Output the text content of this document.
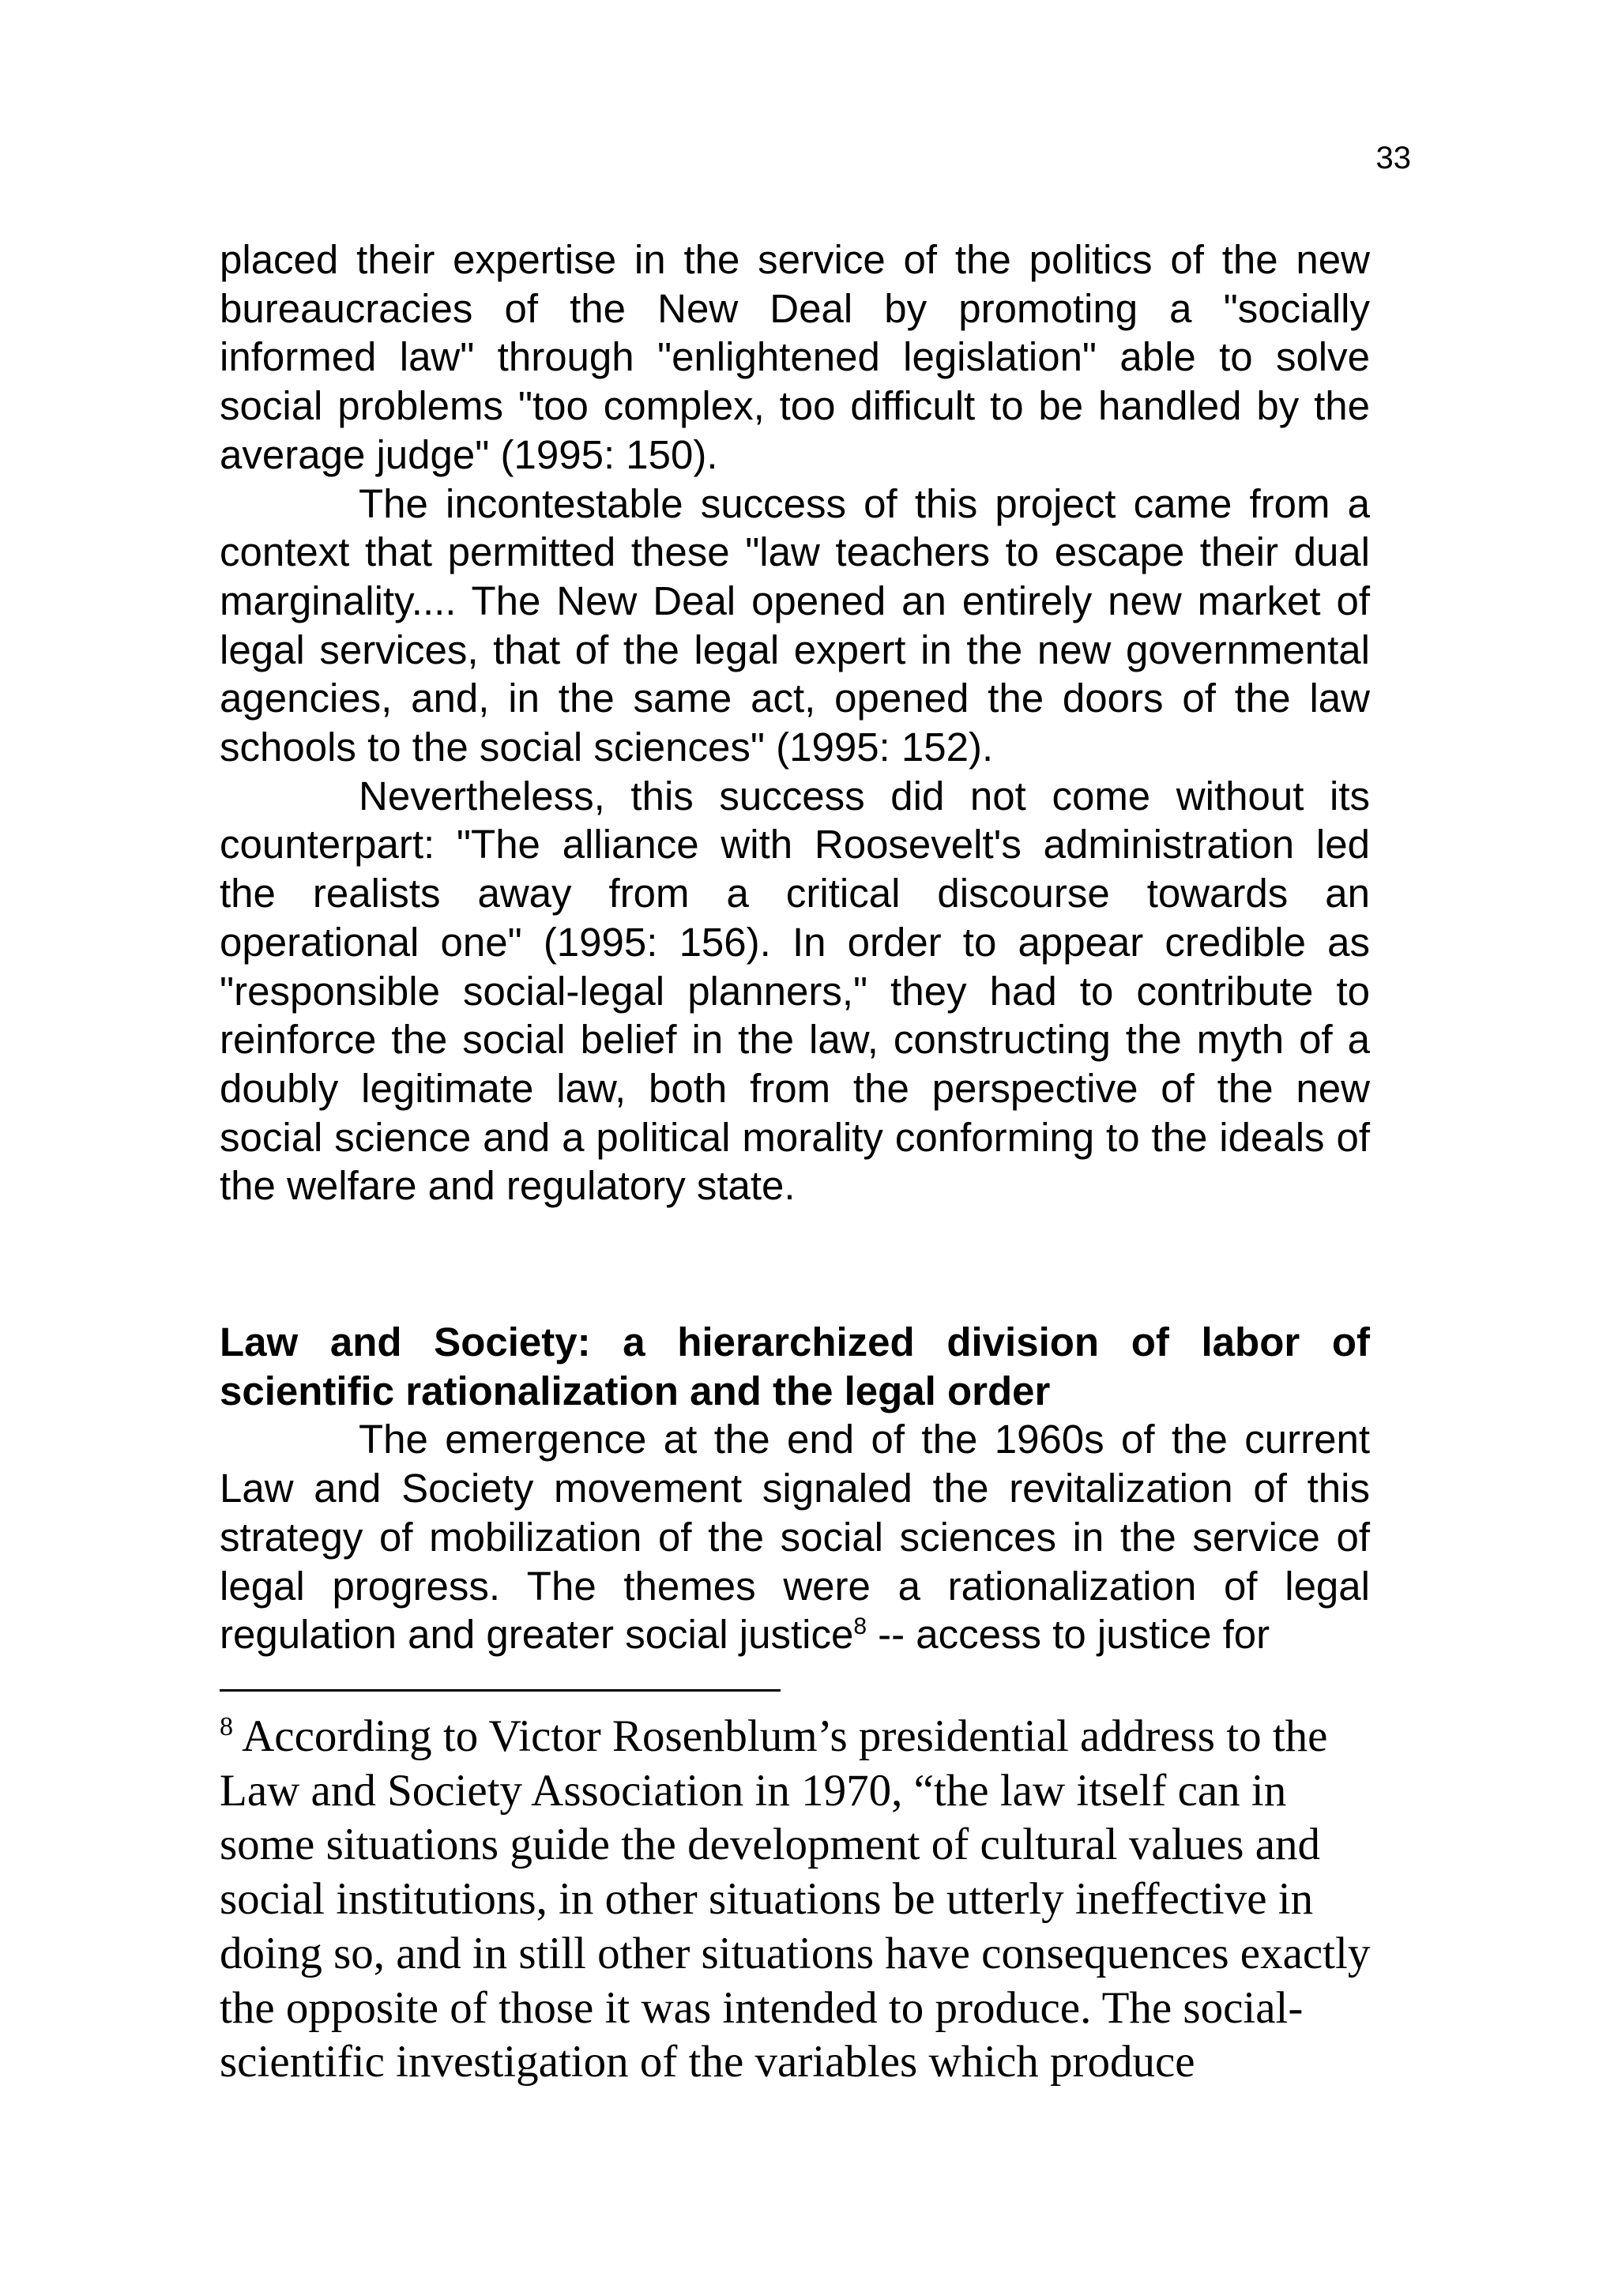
33

placed their expertise in the service of the politics of the new bureaucracies of the New Deal by promoting a "socially informed law" through "enlightened legislation" able to solve social problems "too complex, too difficult to be handled by the average judge" (1995: 150).

The incontestable success of this project came from a context that permitted these "law teachers to escape their dual marginality.... The New Deal opened an entirely new market of legal services, that of the legal expert in the new governmental agencies, and, in the same act, opened the doors of the law schools to the social sciences" (1995: 152).

Nevertheless, this success did not come without its counterpart: "The alliance with Roosevelt's administration led the realists away from a critical discourse towards an operational one" (1995: 156). In order to appear credible as "responsible social-legal planners," they had to contribute to reinforce the social belief in the law, constructing the myth of a doubly legitimate law, both from the perspective of the new social science and a political morality conforming to the ideals of the welfare and regulatory state.

Law and Society: a hierarchized division of labor of scientific rationalization and the legal order

The emergence at the end of the 1960s of the current Law and Society movement signaled the revitalization of this strategy of mobilization of the social sciences in the service of legal progress. The themes were a rationalization of legal regulation and greater social justice$^8$ -- access to justice for

$^8$ According to Victor Rosenblum’s presidential address to the Law and Society Association in 1970, “the law itself can in some situations guide the development of cultural values and social institutions, in other situations be utterly ineffective in doing so, and in still other situations have consequences exactly the opposite of those it was intended to produce. The social-scientific investigation of the variables which produce
